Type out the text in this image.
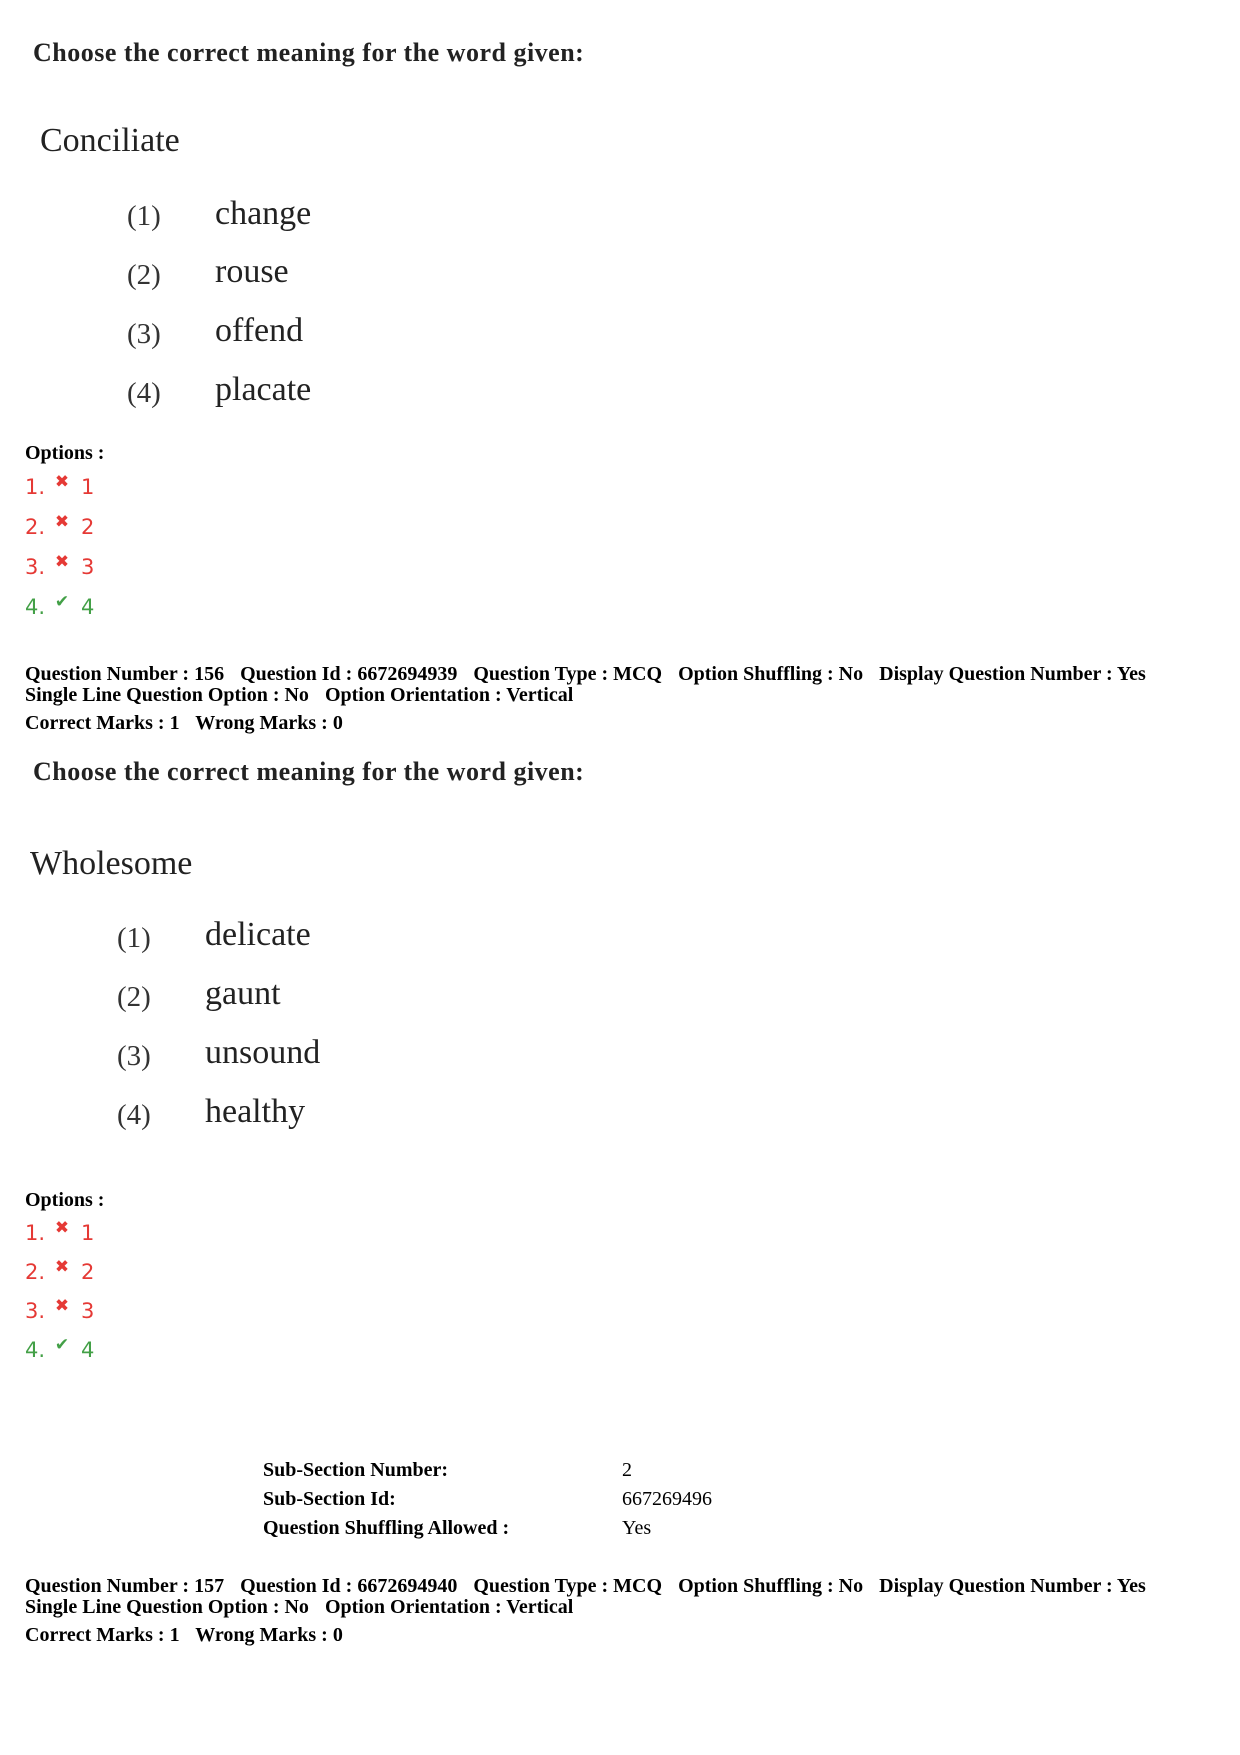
Choose the correct meaning for the word given:
Conciliate
(1) change
(2) rouse
(3) offend
(4) placate
Options :
1. ✖ 1
2. ✖ 2
3. ✖ 3
4. ✔ 4
Question Number : 156 Question Id : 6672694939 Question Type : MCQ Option Shuffling : No Display Question Number : Yes
Single Line Question Option : No Option Orientation : Vertical
Correct Marks : 1 Wrong Marks : 0
Choose the correct meaning for the word given:
Wholesome
(1) delicate
(2) gaunt
(3) unsound
(4) healthy
Options :
1. ✖ 1
2. ✖ 2
3. ✖ 3
4. ✔ 4
Sub-Section Number:	2
Sub-Section Id:	667269496
Question Shuffling Allowed :	Yes
Question Number : 157 Question Id : 6672694940 Question Type : MCQ Option Shuffling : No Display Question Number : Yes
Single Line Question Option : No Option Orientation : Vertical
Correct Marks : 1 Wrong Marks : 0
